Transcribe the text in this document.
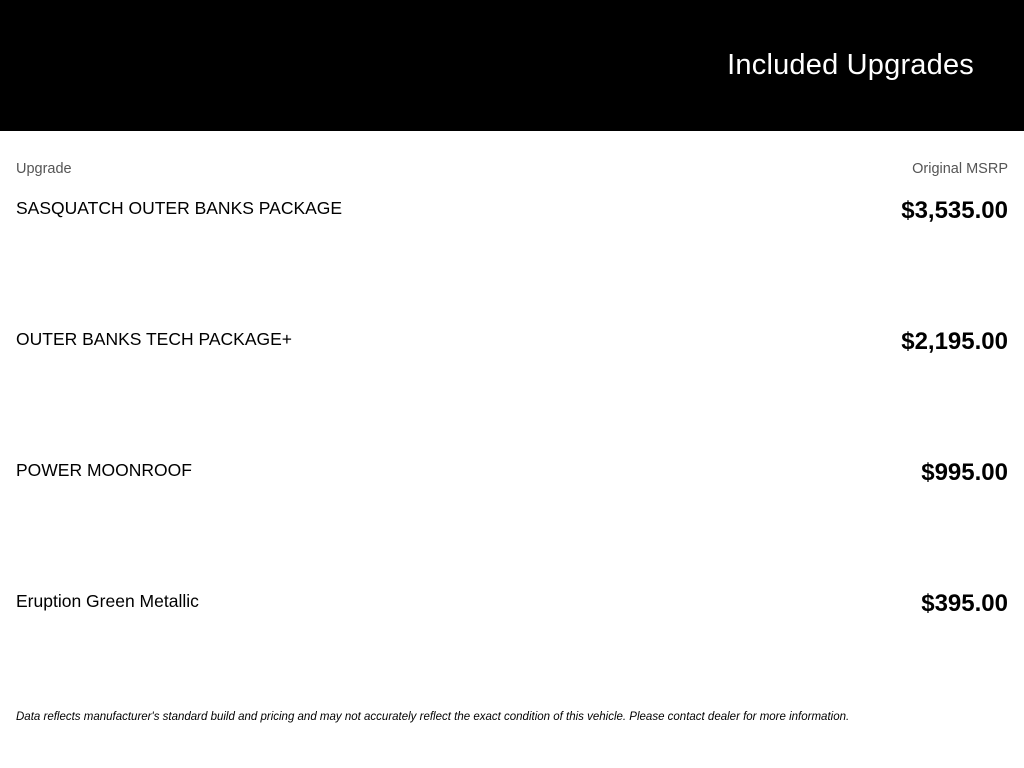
Included Upgrades
Upgrade	Original MSRP
SASQUATCH OUTER BANKS PACKAGE	$3,535.00
OUTER BANKS TECH PACKAGE+	$2,195.00
POWER MOONROOF	$995.00
Eruption Green Metallic	$395.00
Data reflects manufacturer's standard build and pricing and may not accurately reflect the exact condition of this vehicle. Please contact dealer for more information.
